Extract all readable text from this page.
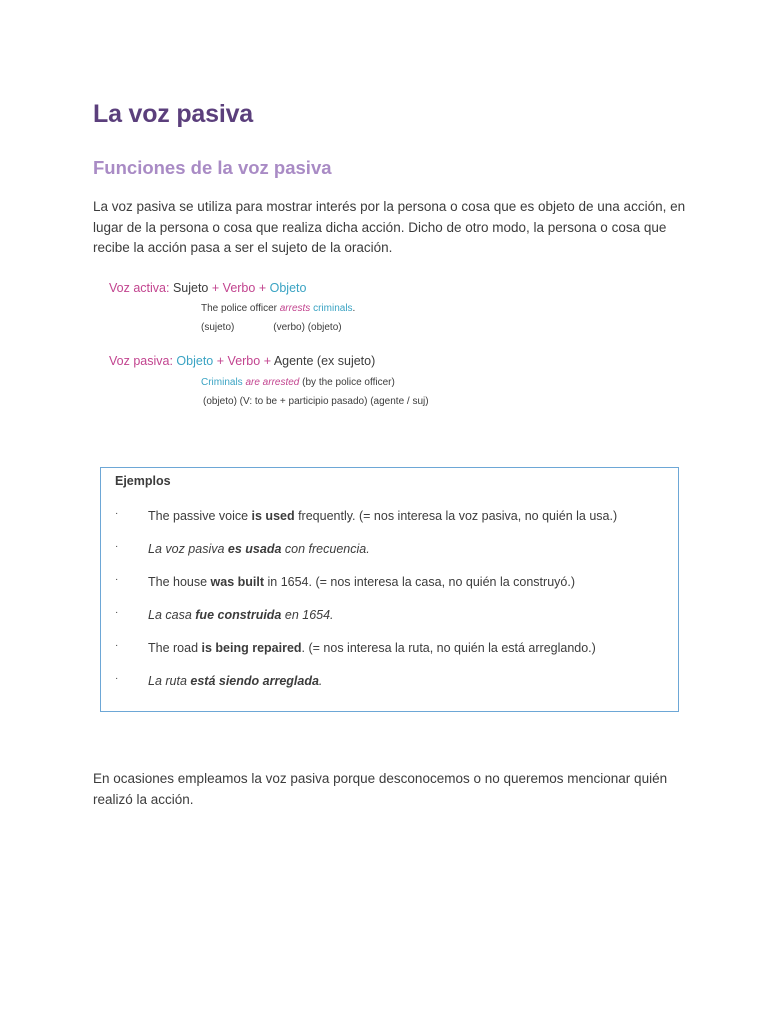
La voz pasiva
Funciones de la voz pasiva

La voz pasiva se utiliza para mostrar interés por la persona o cosa que es objeto de una acción, en lugar de la persona o cosa que realiza dicha acción. Dicho de otro modo, la persona o cosa que recibe la acción pasa a ser el sujeto de la oración.

Voz activa: Sujeto + Verbo + Objeto
The police officer arrests criminals.
(sujeto)              (verbo) (objeto)
Voz pasiva: Objeto + Verbo + Agente (ex sujeto)
Criminals are arrested (by the police officer)
(objeto) (V: to be + participio pasado) (agente / suj)
Ejemplos
· The passive voice is used frequently. (= nos interesa la voz pasiva, no quién la usa.)
· La voz pasiva es usada con frecuencia.
· The house was built in 1654. (= nos interesa la casa, no quién la construyó.)
· La casa fue construida en 1654.
· The road is being repaired. (= nos interesa la ruta, no quién la está arreglando.)
· La ruta está siendo arreglada.

En ocasiones empleamos la voz pasiva porque desconocemos o no queremos mencionar quién realizó la acción.
